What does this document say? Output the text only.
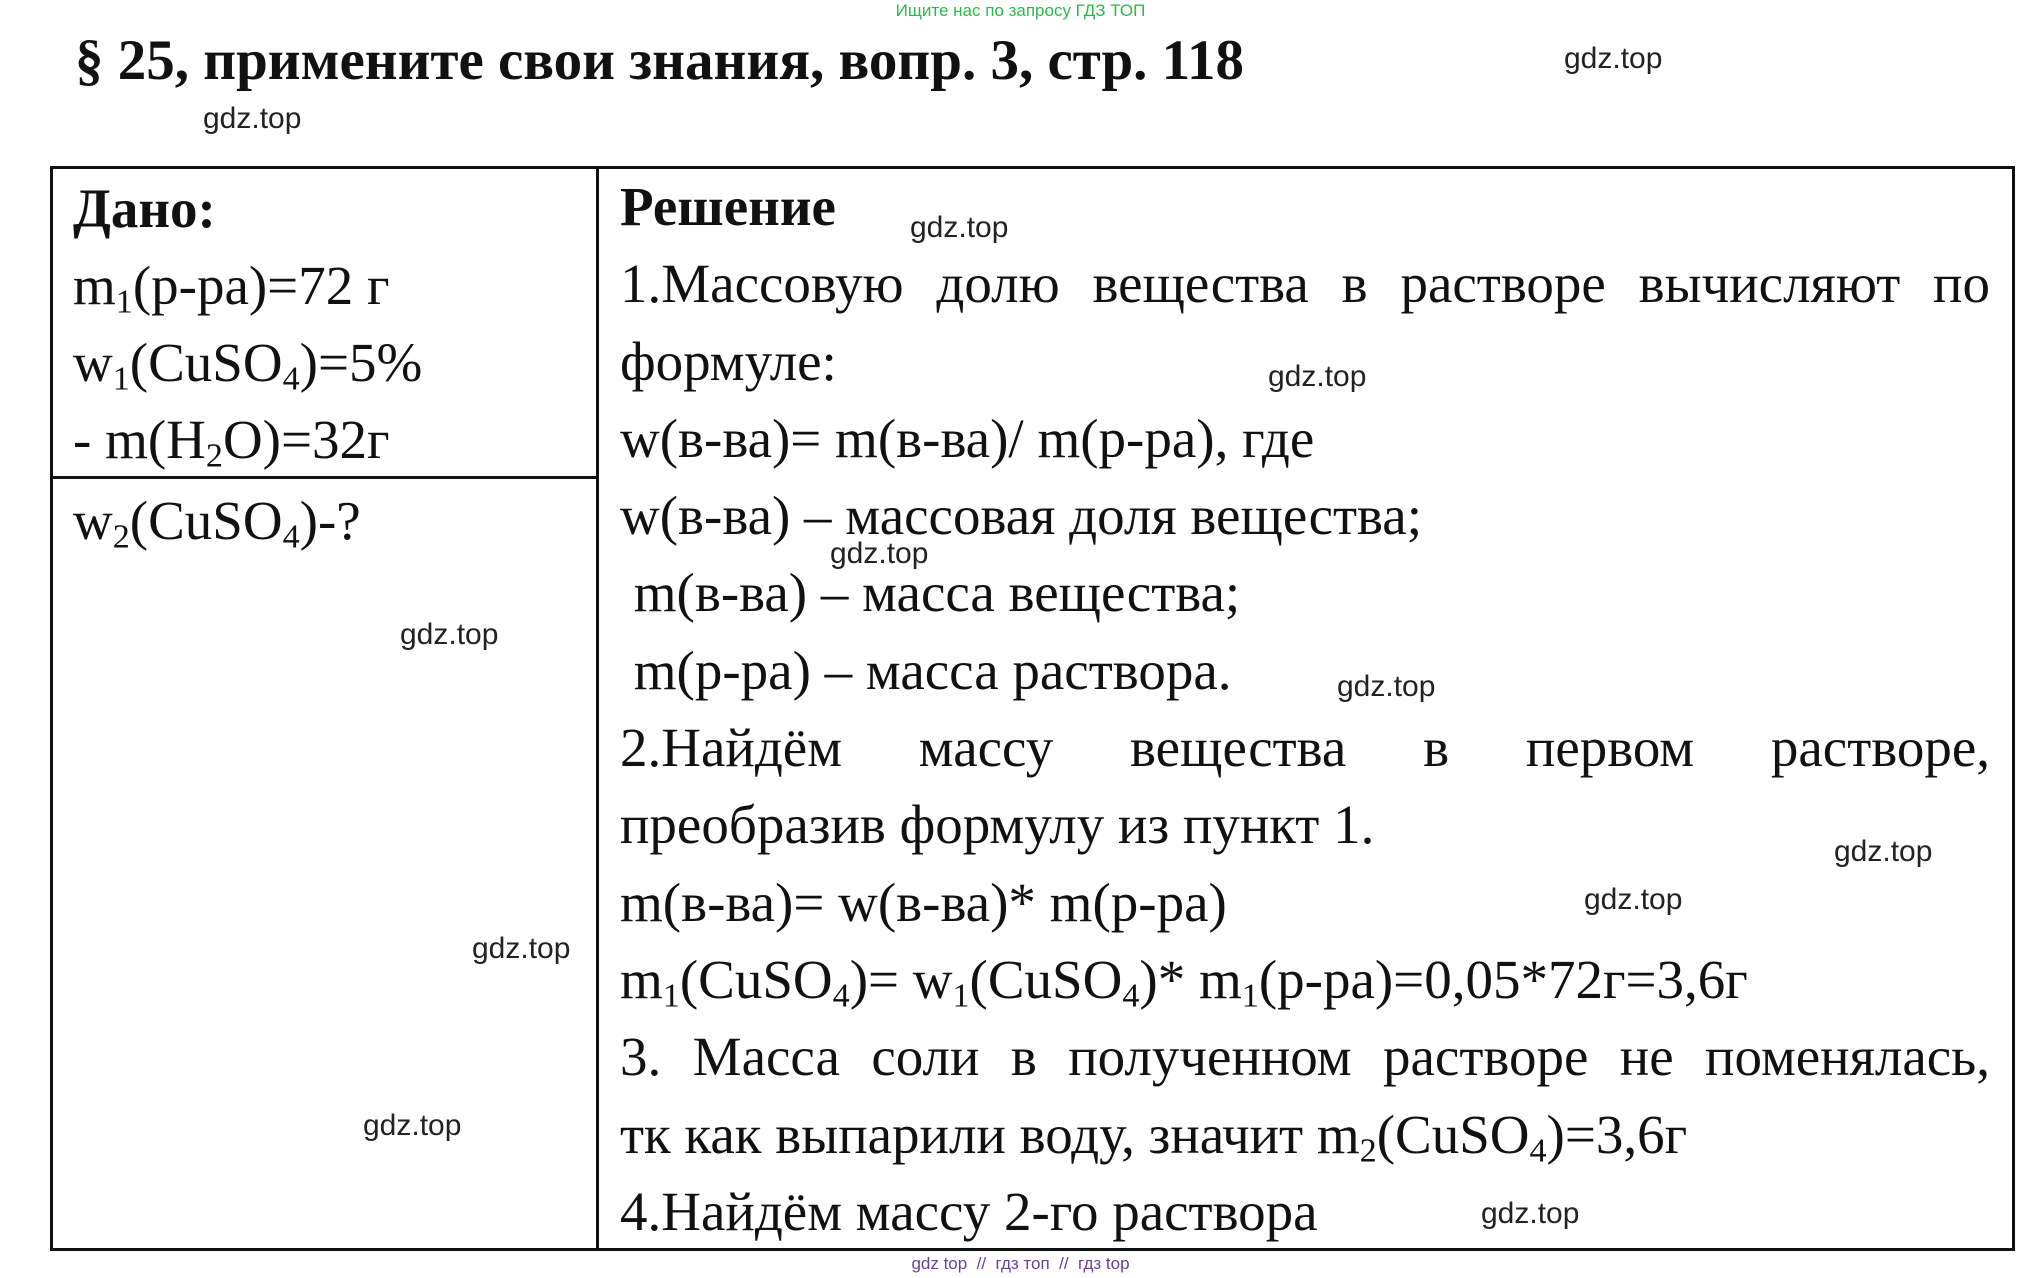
Ищите нас по запросу ГДЗ ТОП
§ 25, примените свои знания, вопр. 3, стр. 118
Дано:
$m_1(р-ра)=72$ г
$w_1(CuSO_4)=5\%$
- $m(H_2O)=32г$
$w_2(CuSO_4)-$?
Решение
1.Массовую долю вещества в растворе вычисляют по
формуле:
w(в-ва)= m(в-ва)/ m(р-ра), где
w(в-ва) – массовая доля вещества;
m(в-ва) – масса вещества;
m(р-ра) – масса раствора.
2.Найдём массу вещества в первом растворе,
преобразив формулу из пункт 1.
m(в-ва)= w(в-ва)* m(р-ра)
$m_1(CuSO_4)=$ $w_1(CuSO_4)*$ $m_1(р-ра)=0,05*72г=3,6г$
3. Масса соли в полученном растворе не поменялась,
тк как выпарили воду, значит $m_2(CuSO_4)=3,6г$
4.Найдём массу 2-го раствора
gdz.top
gdz.top
gdz.top
gdz.top
gdz.top
gdz.top
gdz.top
gdz.top
gdz.top
gdz.top
gdz.top
gdz.top
gdz top  //  гдз топ  //  гдз top
